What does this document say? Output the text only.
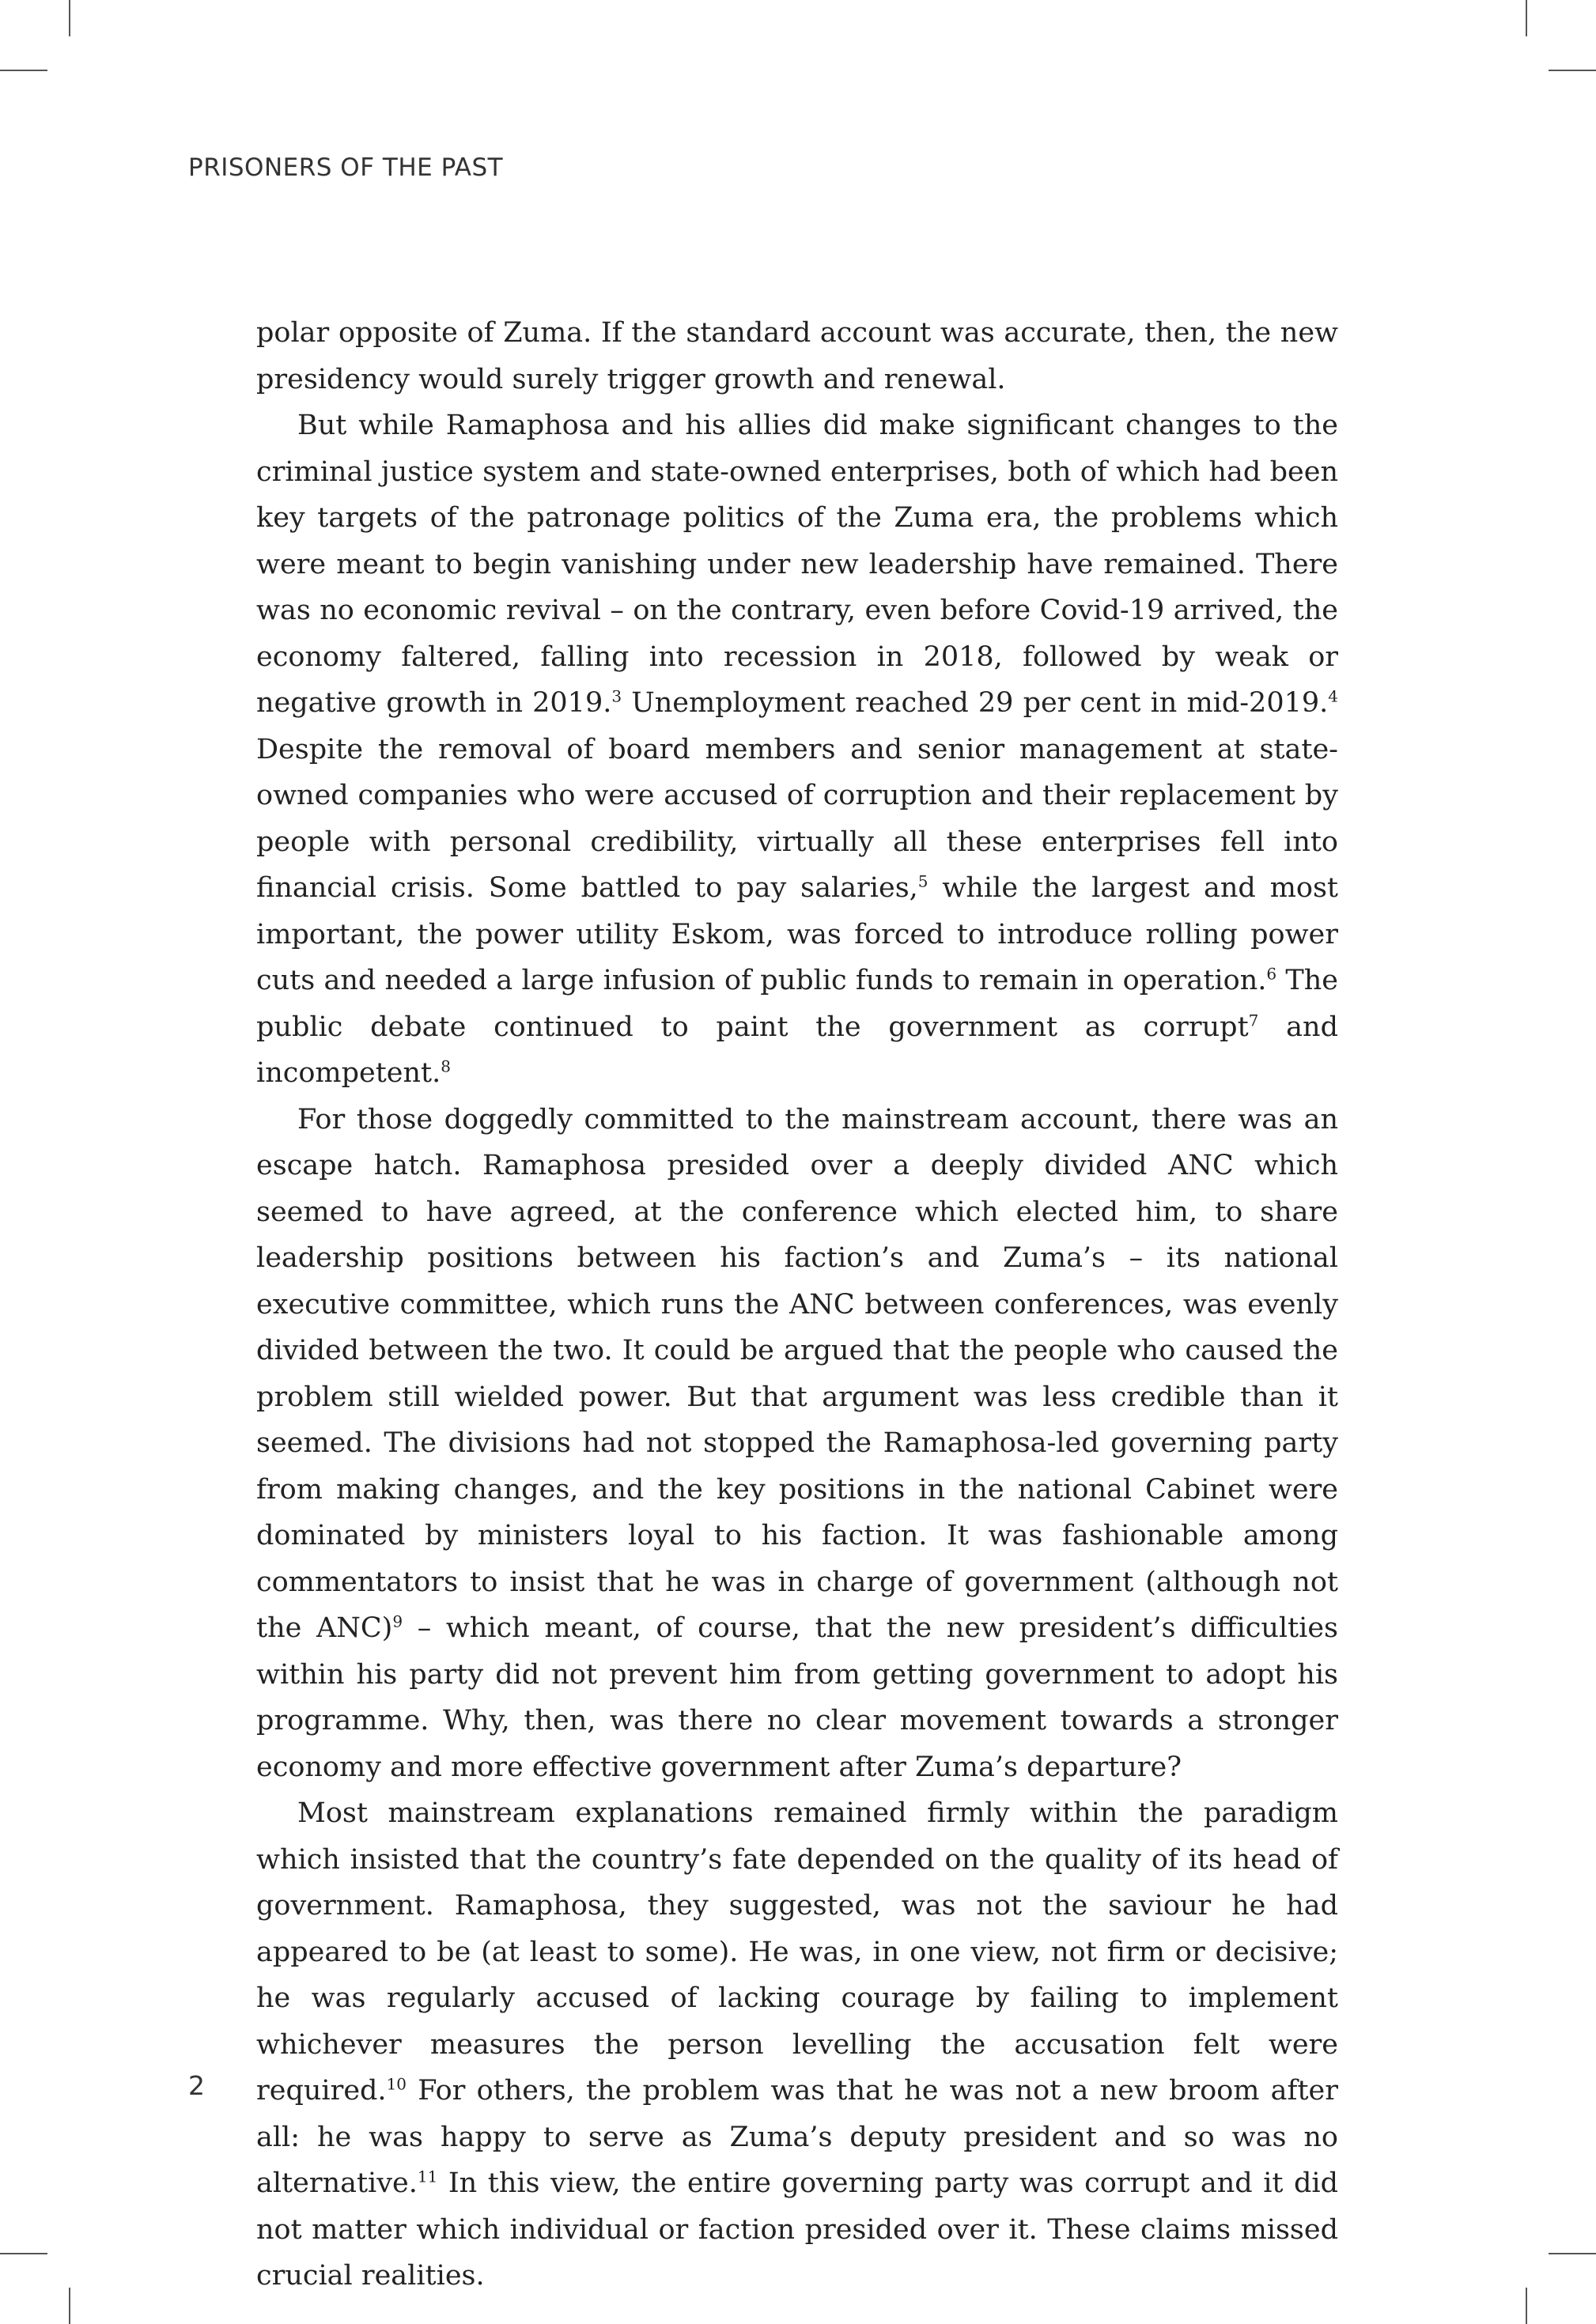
PRISONERS OF THE PAST

polar opposite of Zuma. If the standard account was accurate, then, the new presidency would surely trigger growth and renewal.

But while Ramaphosa and his allies did make significant changes to the criminal justice system and state-owned enterprises, both of which had been key targets of the patronage politics of the Zuma era, the problems which were meant to begin vanishing under new leadership have remained. There was no economic revival – on the contrary, even before Covid-19 arrived, the economy faltered, falling into recession in 2018, followed by weak or negative growth in 2019.$^3$ Unemployment reached 29 per cent in mid-2019.$^4$ Despite the removal of board members and senior management at state-owned companies who were accused of corruption and their replacement by people with personal credibility, virtually all these enterprises fell into financial crisis. Some battled to pay salaries,$^5$ while the largest and most important, the power utility Eskom, was forced to introduce rolling power cuts and needed a large infusion of public funds to remain in operation.$^6$ The public debate continued to paint the government as corrupt$^7$ and incompetent.$^8$

For those doggedly committed to the mainstream account, there was an escape hatch. Ramaphosa presided over a deeply divided ANC which seemed to have agreed, at the conference which elected him, to share leadership positions between his faction’s and Zuma’s – its national executive committee, which runs the ANC between conferences, was evenly divided between the two. It could be argued that the people who caused the problem still wielded power. But that argument was less credible than it seemed. The divisions had not stopped the Ramaphosa-led governing party from making changes, and the key positions in the national Cabinet were dominated by ministers loyal to his faction. It was fashionable among commentators to insist that he was in charge of government (although not the ANC)$^9$ – which meant, of course, that the new president’s difficulties within his party did not prevent him from getting government to adopt his programme. Why, then, was there no clear movement towards a stronger economy and more effective government after Zuma’s departure?

Most mainstream explanations remained firmly within the paradigm which insisted that the country’s fate depended on the quality of its head of government. Ramaphosa, they suggested, was not the saviour he had appeared to be (at least to some). He was, in one view, not firm or decisive; he was regularly accused of lacking courage by failing to implement whichever measures the person levelling the accusation felt were required.$^{10}$ For others, the problem was that he was not a new broom after all: he was happy to serve as Zuma’s deputy president and so was no alternative.$^{11}$ In this view, the entire governing party was corrupt and it did not matter which individual or faction presided over it. These claims missed crucial realities.

2
